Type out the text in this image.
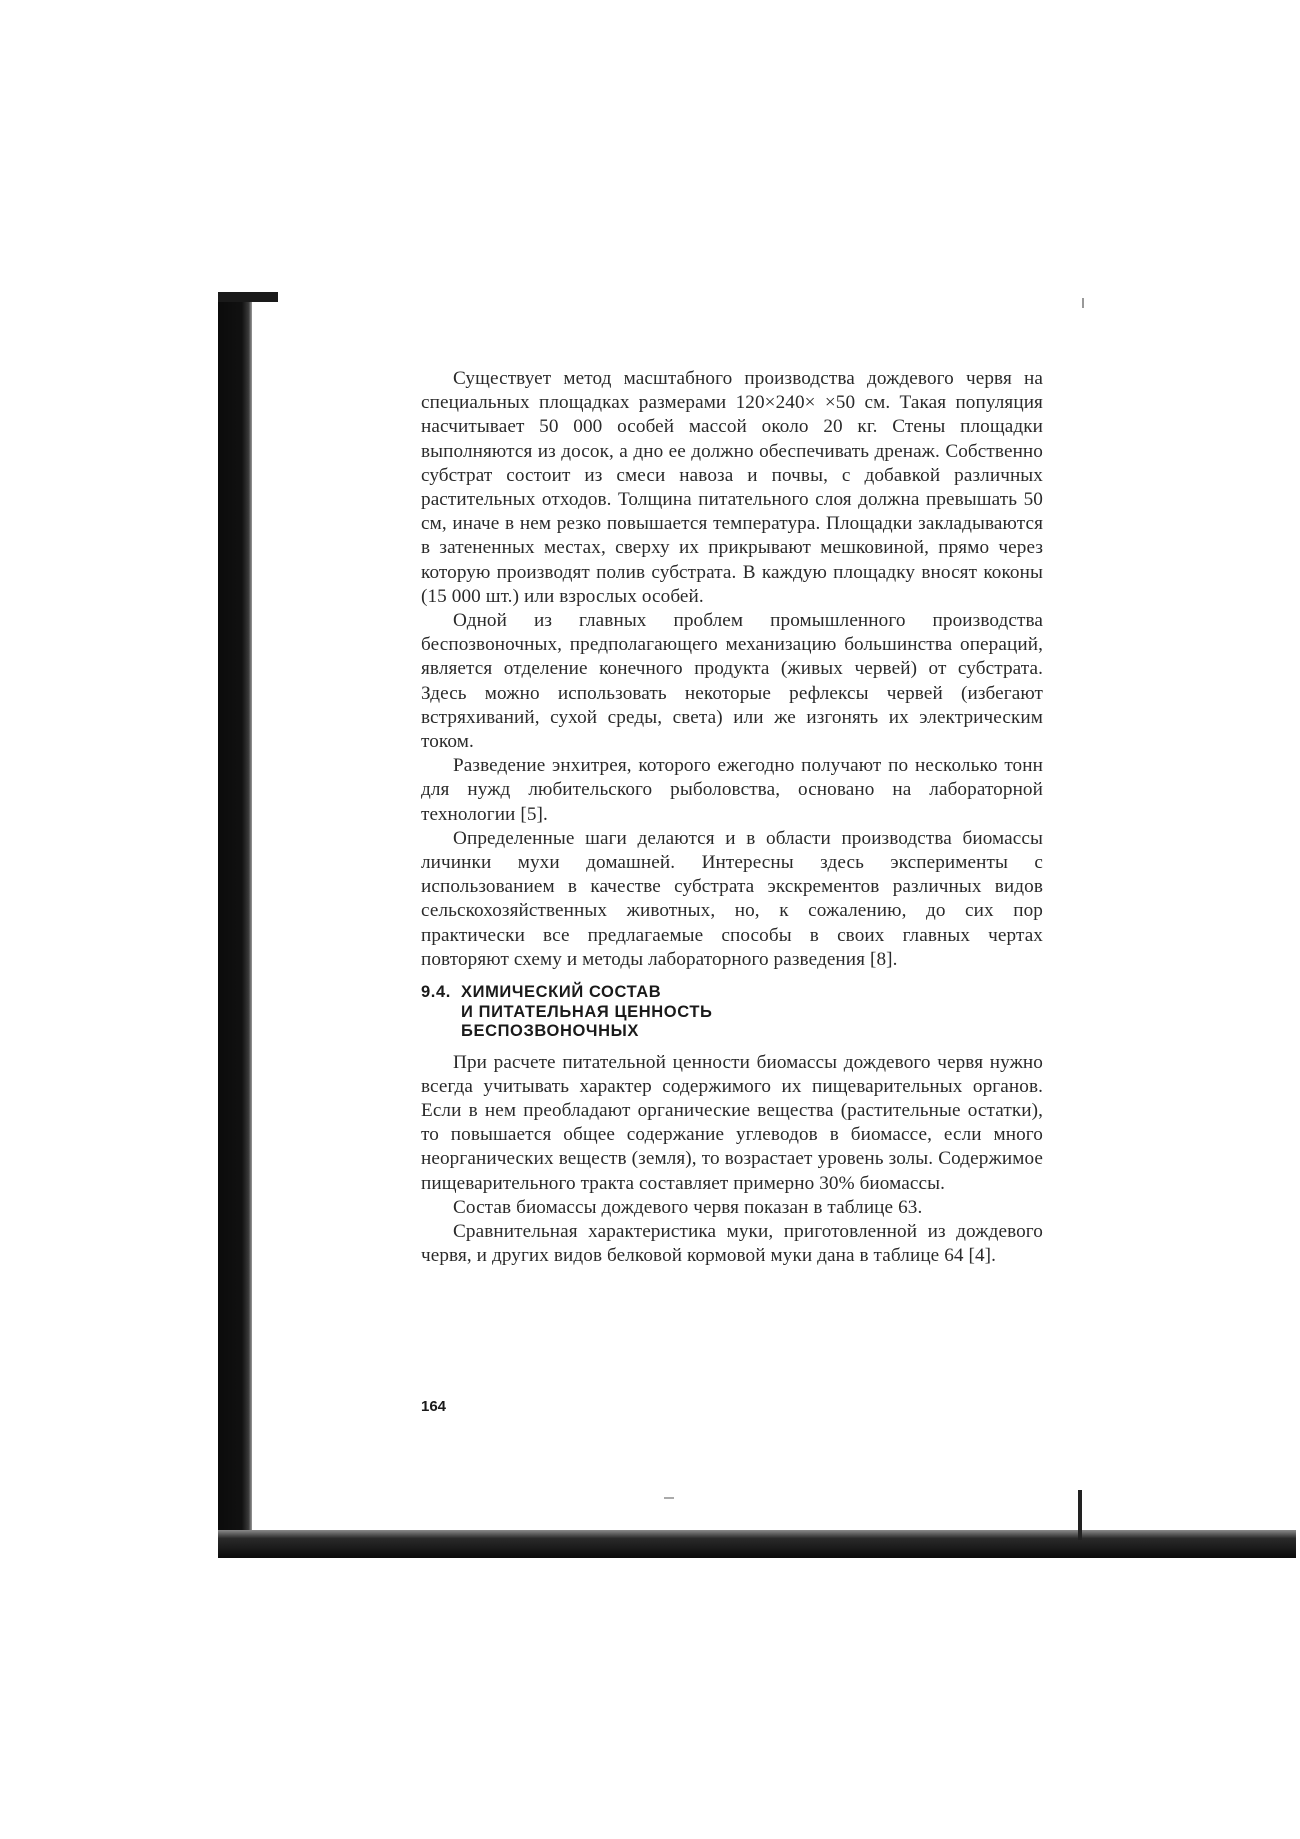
Существует метод масштабного производства дождевого червя на специальных площадках размерами 120×240× ×50 см. Такая популяция насчитывает 50 000 особей массой около 20 кг. Стены площадки выполняются из досок, а дно ее должно обеспечивать дренаж. Собственно субстрат состоит из смеси навоза и почвы, с добавкой различных растительных отходов. Толщина питательного слоя должна превышать 50 см, иначе в нем резко повышается температура. Площадки закладываются в затененных местах, сверху их прикрывают мешковиной, прямо через которую производят полив субстрата. В каждую площадку вносят коконы (15 000 шт.) или взрослых особей.

Одной из главных проблем промышленного производства беспозвоночных, предполагающего механизацию большинства операций, является отделение конечного продукта (живых червей) от субстрата. Здесь можно использовать некоторые рефлексы червей (избегают встряхиваний, сухой среды, света) или же изгонять их электрическим током.

Разведение энхитрея, которого ежегодно получают по несколько тонн для нужд любительского рыболовства, основано на лабораторной технологии [5].

Определенные шаги делаются и в области производства биомассы личинки мухи домашней. Интересны здесь эксперименты с использованием в качестве субстрата экскрементов различных видов сельскохозяйственных животных, но, к сожалению, до сих пор практически все предлагаемые способы в своих главных чертах повторяют схему и методы лабораторного разведения [8].

9.4. ХИМИЧЕСКИЙ СОСТАВ
И ПИТАТЕЛЬНАЯ ЦЕННОСТЬ
БЕСПОЗВОНОЧНЫХ

При расчете питательной ценности биомассы дождевого червя нужно всегда учитывать характер содержимого их пищеварительных органов. Если в нем преобладают органические вещества (растительные остатки), то повышается общее содержание углеводов в биомассе, если много неорганических веществ (земля), то возрастает уровень золы. Содержимое пищеварительного тракта составляет примерно 30% биомассы.

Состав биомассы дождевого червя показан в таблице 63.

Сравнительная характеристика муки, приготовленной из дождевого червя, и других видов белковой кормовой муки дана в таблице 64 [4].

164
